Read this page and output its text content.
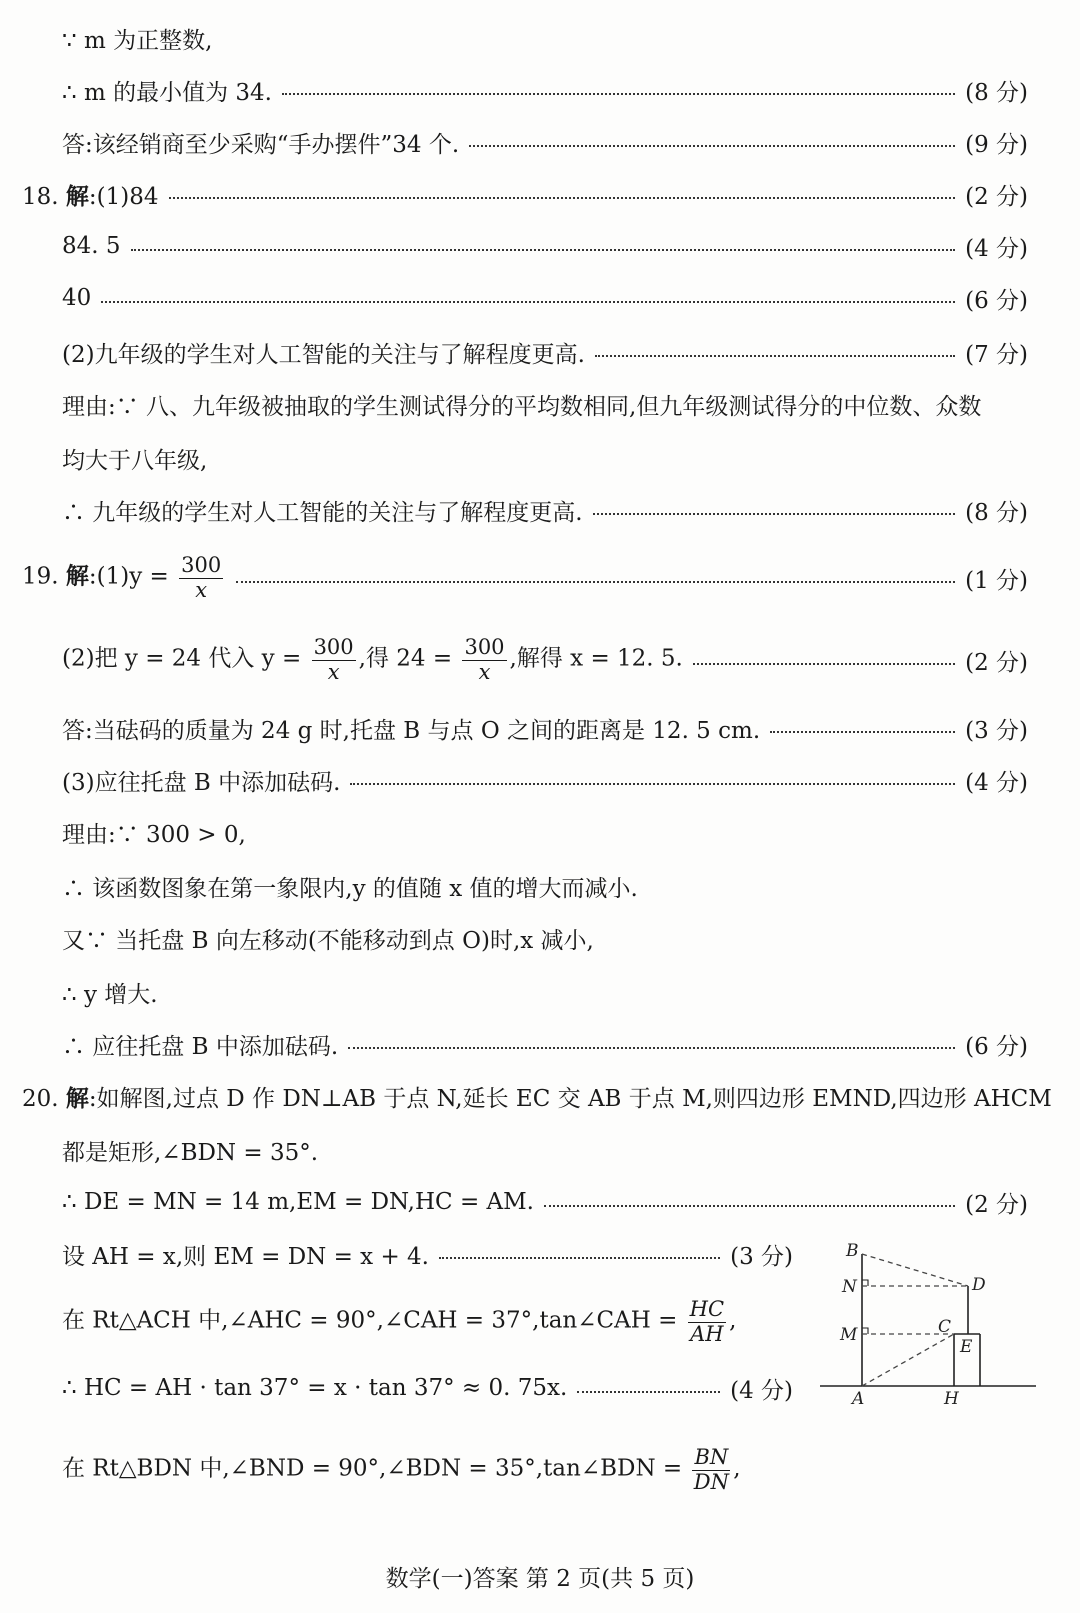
∵ m 为正整数,
∴ m 的最小值为 34.	(8 分)
答:该经销商至少采购“手办摆件”34 个.	(9 分)
18. 解:(1)84	(2 分)
84. 5	(4 分)
40	(6 分)
(2)九年级的学生对人工智能的关注与了解程度更高.	(7 分)
理由:∵ 八、九年级被抽取的学生测试得分的平均数相同,但九年级测试得分的中位数、众数
均大于八年级,
∴ 九年级的学生对人工智能的关注与了解程度更高.	(8 分)
19. 解:(1)y = $\frac{300}{x}$	(1 分)
(2)把 y = 24 代入 $y = \frac{300}{x}$ ,得 $24 = \frac{300}{x}$ ,解得 x = 12. 5.	(2 分)
答:当砝码的质量为 24 g 时,托盘 B 与点 O 之间的距离是 12. 5 cm.	(3 分)
(3)应往托盘 B 中添加砝码.	(4 分)
理由:∵ 300 > 0,
∴ 该函数图象在第一象限内,y 的值随 x 值的增大而减小.
又∵ 当托盘 B 向左移动(不能移动到点 O)时,x 减小,
∴ y 增大.
∴ 应往托盘 B 中添加砝码.	(6 分)
20. 解:如解图,过点 D 作 DN⊥AB 于点 N,延长 EC 交 AB 于点 M,则四边形 EMND,四边形 AHCM
都是矩形,∠BDN = 35°.
∴ DE = MN = 14 m,EM = DN,HC = AM.	(2 分)
设 AH = x,则 EM = DN = x + 4.	(3 分)
在 Rt△ACH 中,∠AHC = 90°,∠CAH = 37°,tan∠CAH = $\frac{HC}{AH}$ ,
∴ HC = AH · tan 37° = x · tan 37° ≈ 0. 75x.	(4 分)
在 Rt△BDN 中,∠BND = 90°,∠BDN = 35°,tan∠BDN = $\frac{BN}{DN}$ ,
B
N
M
A	H
C
D
E
数学(一)答案 第 2 页(共 5 页)
